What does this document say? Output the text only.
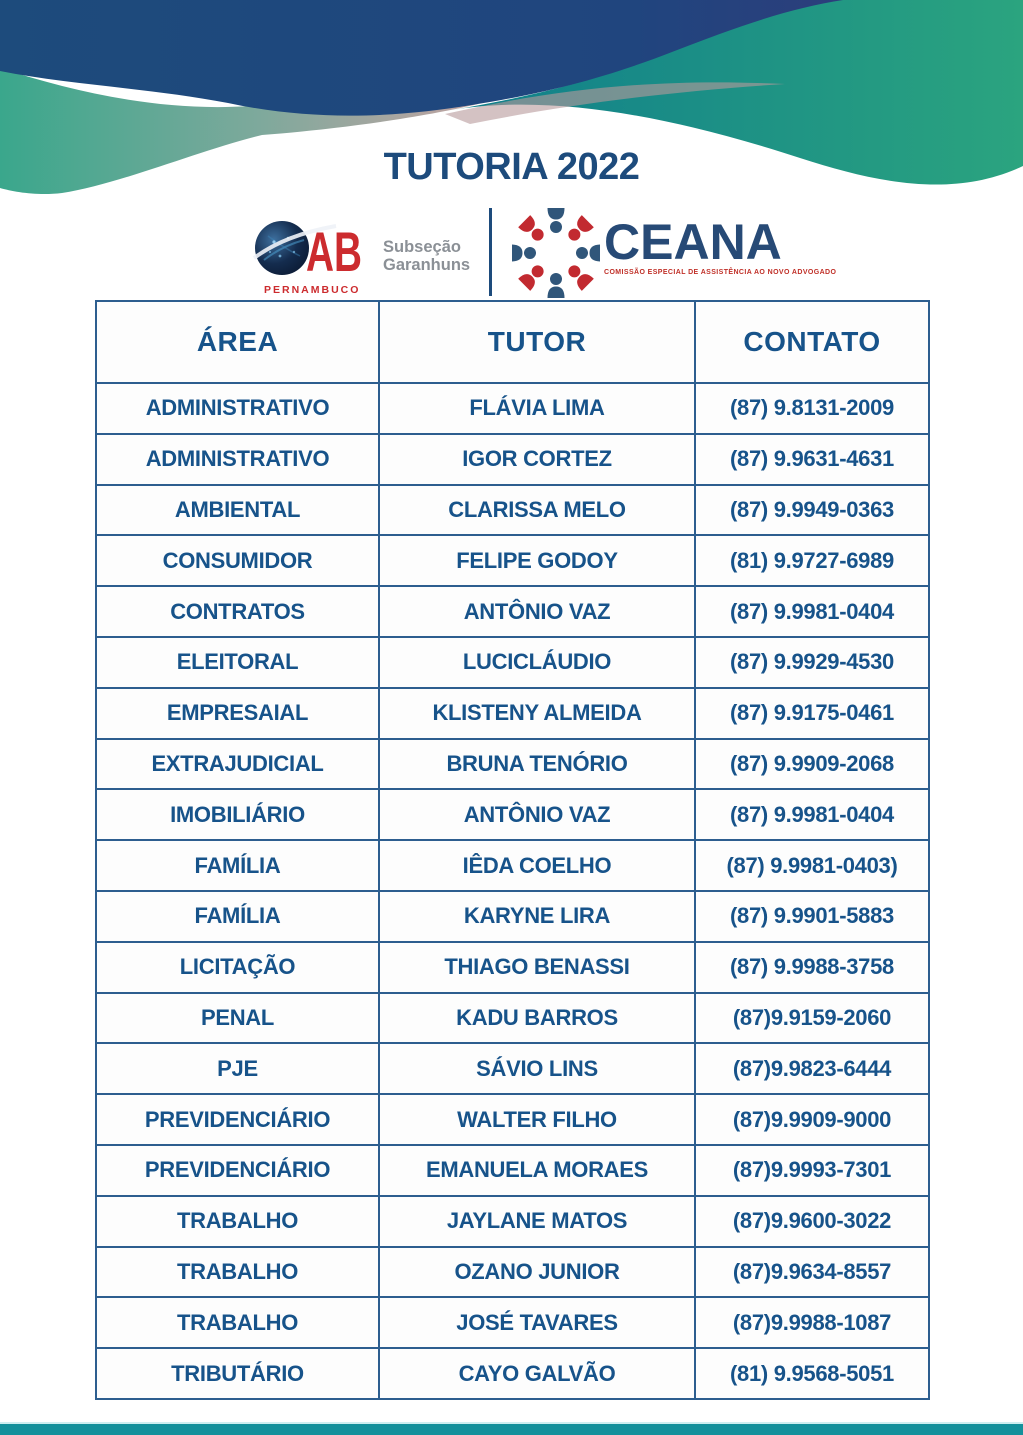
TUTORIA 2022
AB
PERNAMBUCO
Subseção
Garanhuns	CEANA
COMISSÃO ESPECIAL DE ASSISTÊNCIA AO NOVO ADVOGADO
ÁREA	TUTOR	CONTATO
ADMINISTRATIVO	FLÁVIA LIMA	(87) 9.8131-2009
ADMINISTRATIVO	IGOR CORTEZ	(87) 9.9631-4631
AMBIENTAL	CLARISSA MELO	(87) 9.9949-0363
CONSUMIDOR	FELIPE GODOY	(81) 9.9727-6989
CONTRATOS	ANTÔNIO VAZ	(87) 9.9981-0404
ELEITORAL	LUCICLÁUDIO	(87) 9.9929-4530
EMPRESAIAL	KLISTENY ALMEIDA	(87) 9.9175-0461
EXTRAJUDICIAL	BRUNA TENÓRIO	(87) 9.9909-2068
IMOBILIÁRIO	ANTÔNIO VAZ	(87) 9.9981-0404
FAMÍLIA	IÊDA COELHO	(87) 9.9981-0403)
FAMÍLIA	KARYNE LIRA	(87) 9.9901-5883
LICITAÇÃO	THIAGO BENASSI	(87) 9.9988-3758
PENAL	KADU BARROS	(87)9.9159-2060
PJE	SÁVIO LINS	(87)9.9823-6444
PREVIDENCIÁRIO	WALTER FILHO	(87)9.9909-9000
PREVIDENCIÁRIO	EMANUELA MORAES	(87)9.9993-7301
TRABALHO	JAYLANE MATOS	(87)9.9600-3022
TRABALHO	OZANO JUNIOR	(87)9.9634-8557
TRABALHO	JOSÉ TAVARES	(87)9.9988-1087
TRIBUTÁRIO	CAYO GALVÃO	(81) 9.9568-5051
